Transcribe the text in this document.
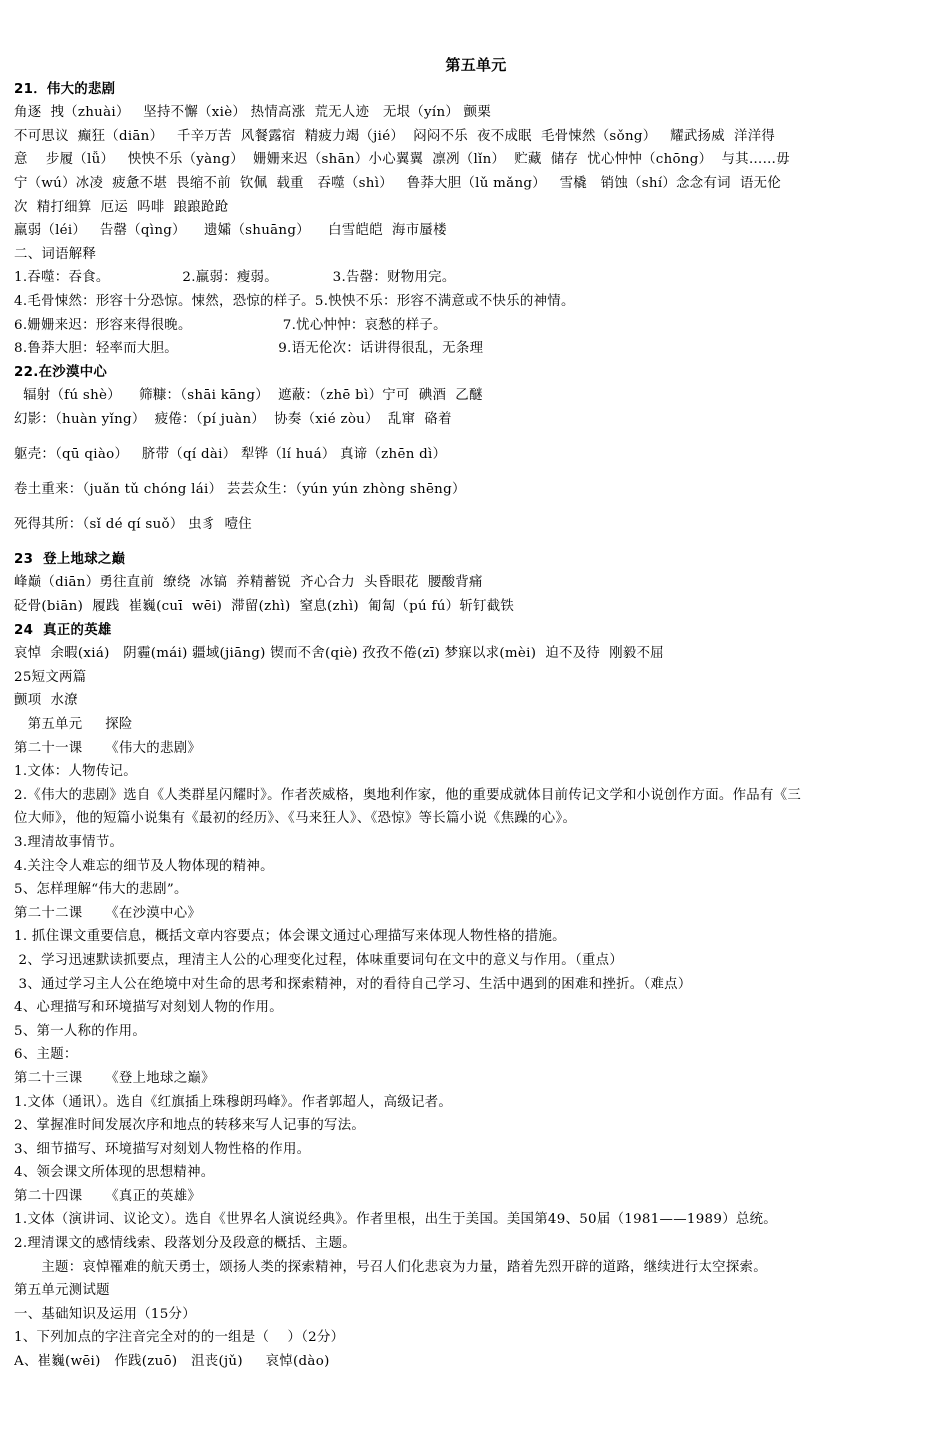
第五单元
21．伟大的悲剧
角逐  拽（zhuài）   坚持不懈（xiè） 热情高涨  荒无人迹   无垠（yín） 颤栗
不可思议  癫狂（diān）   千辛万苦  风餐露宿  精疲力竭（jié）  闷闷不乐  夜不成眠  毛骨悚然（sǒng）   耀武扬威  洋洋得
意    步履（lǚ）   怏怏不乐（yàng）  姗姗来迟（shān）小心翼翼  凛冽（lǐn）  贮藏  储存  忧心忡忡（chōng）  与其……毋
宁（wú）冰凌  疲惫不堪  畏缩不前  钦佩  载重   吞噬（shì）   鲁莽大胆（lǔ mǎng）   雪橇   销蚀（shí）念念有词  语无伦
次  精打细算  厄运  吗啡  踉踉跄跄
羸弱（léi）   告罄（qìng）    遗孀（shuāng）    白雪皑皑  海市蜃楼
二、词语解释
1.吞噬：吞食。                2.羸弱：瘦弱。            3.告罄：财物用完。
4.毛骨悚然：形容十分恐惊。悚然，恐惊的样子。5.怏怏不乐：形容不满意或不快乐的神情。
6.姗姗来迟：形容来得很晚。                    7.忧心忡忡：哀愁的样子。
8.鲁莽大胆：轻率而大胆。                      9.语无伦次：话讲得很乱，无条理
22.在沙漠中心
辐射（fú shè）    筛糠：（shāi kāng）  遮蔽：（zhē bì）宁可  碘酒  乙醚
幻影：（huàn yǐng）  疲倦：（pí juàn）  协奏（xié zòu）  乱窜  硌着
躯壳：（qū qiào）   脐带（qí dài） 犁铧（lí huá） 真谛（zhēn dì）
卷土重来：（juǎn tǔ chóng lái） 芸芸众生：（yún yún zhòng shēng）
死得其所：（sǐ dé qí suǒ） 虫豸  噎住
23  登上地球之巅
峰巅（diān）勇往直前  缭绕  冰镐  养精蓄锐  齐心合力  头昏眼花  腰酸背痛
砭骨(biān)  履践  崔巍(cuī  wēi)  滞留(zhì)  窒息(zhì)  匍匐（pú fú）斩钉截铁
24  真正的英雄
哀悼  余暇(xiá)   阴霾(mái) 疆域(jiāng) 锲而不舍(qiè) 孜孜不倦(zī) 梦寐以求(mèi)  迫不及待  刚毅不屈
25短文两篇
颤项  水潦
第五单元     探险
第二十一课     《伟大的悲剧》
1.文体：人物传记。
2.《伟大的悲剧》选自《人类群星闪耀时》。作者茨威格，奥地利作家，他的重要成就体目前传记文学和小说创作方面。作品有《三
位大师》，他的短篇小说集有《最初的经历》、《马来狂人》、《恐惊》等长篇小说《焦躁的心》。
3.理清故事情节。
4.关注令人难忘的细节及人物体现的精神。
5、怎样理解“伟大的悲剧”。
第二十二课     《在沙漠中心》
1. 抓住课文重要信息，概括文章内容要点；体会课文通过心理描写来体现人物性格的措施。
2、学习迅速默读抓要点，理清主人公的心理变化过程，体味重要词句在文中的意义与作用。（重点）
3、通过学习主人公在绝境中对生命的思考和探索精神，对的看待自己学习、生活中遇到的困难和挫折。（难点）
4、心理描写和环境描写对刻划人物的作用。
5、第一人称的作用。
6、主题：
第二十三课     《登上地球之巅》
1.文体（通讯）。选自《红旗插上珠穆朗玛峰》。作者郭超人，高级记者。
2、掌握准时间发展次序和地点的转移来写人记事的写法。
3、细节描写、环境描写对刻划人物性格的作用。
4、领会课文所体现的思想精神。
第二十四课     《真正的英雄》
1.文体（演讲词、议论文）。选自《世界名人演说经典》。作者里根，出生于美国。美国第49、50届（1981——1989）总统。
2.理清课文的感情线索、段落划分及段意的概括、主题。
主题：哀悼罹难的航天勇士，颂扬人类的探索精神，号召人们化悲哀为力量，踏着先烈开辟的道路，继续进行太空探索。
第五单元测试题
一、基础知识及运用（15分）
1、下列加点的字注音完全对的的一组是（    ）（2分）
A、崔巍(wēi)   作践(zuō)   沮丧(jǔ)     哀悼(dào)
